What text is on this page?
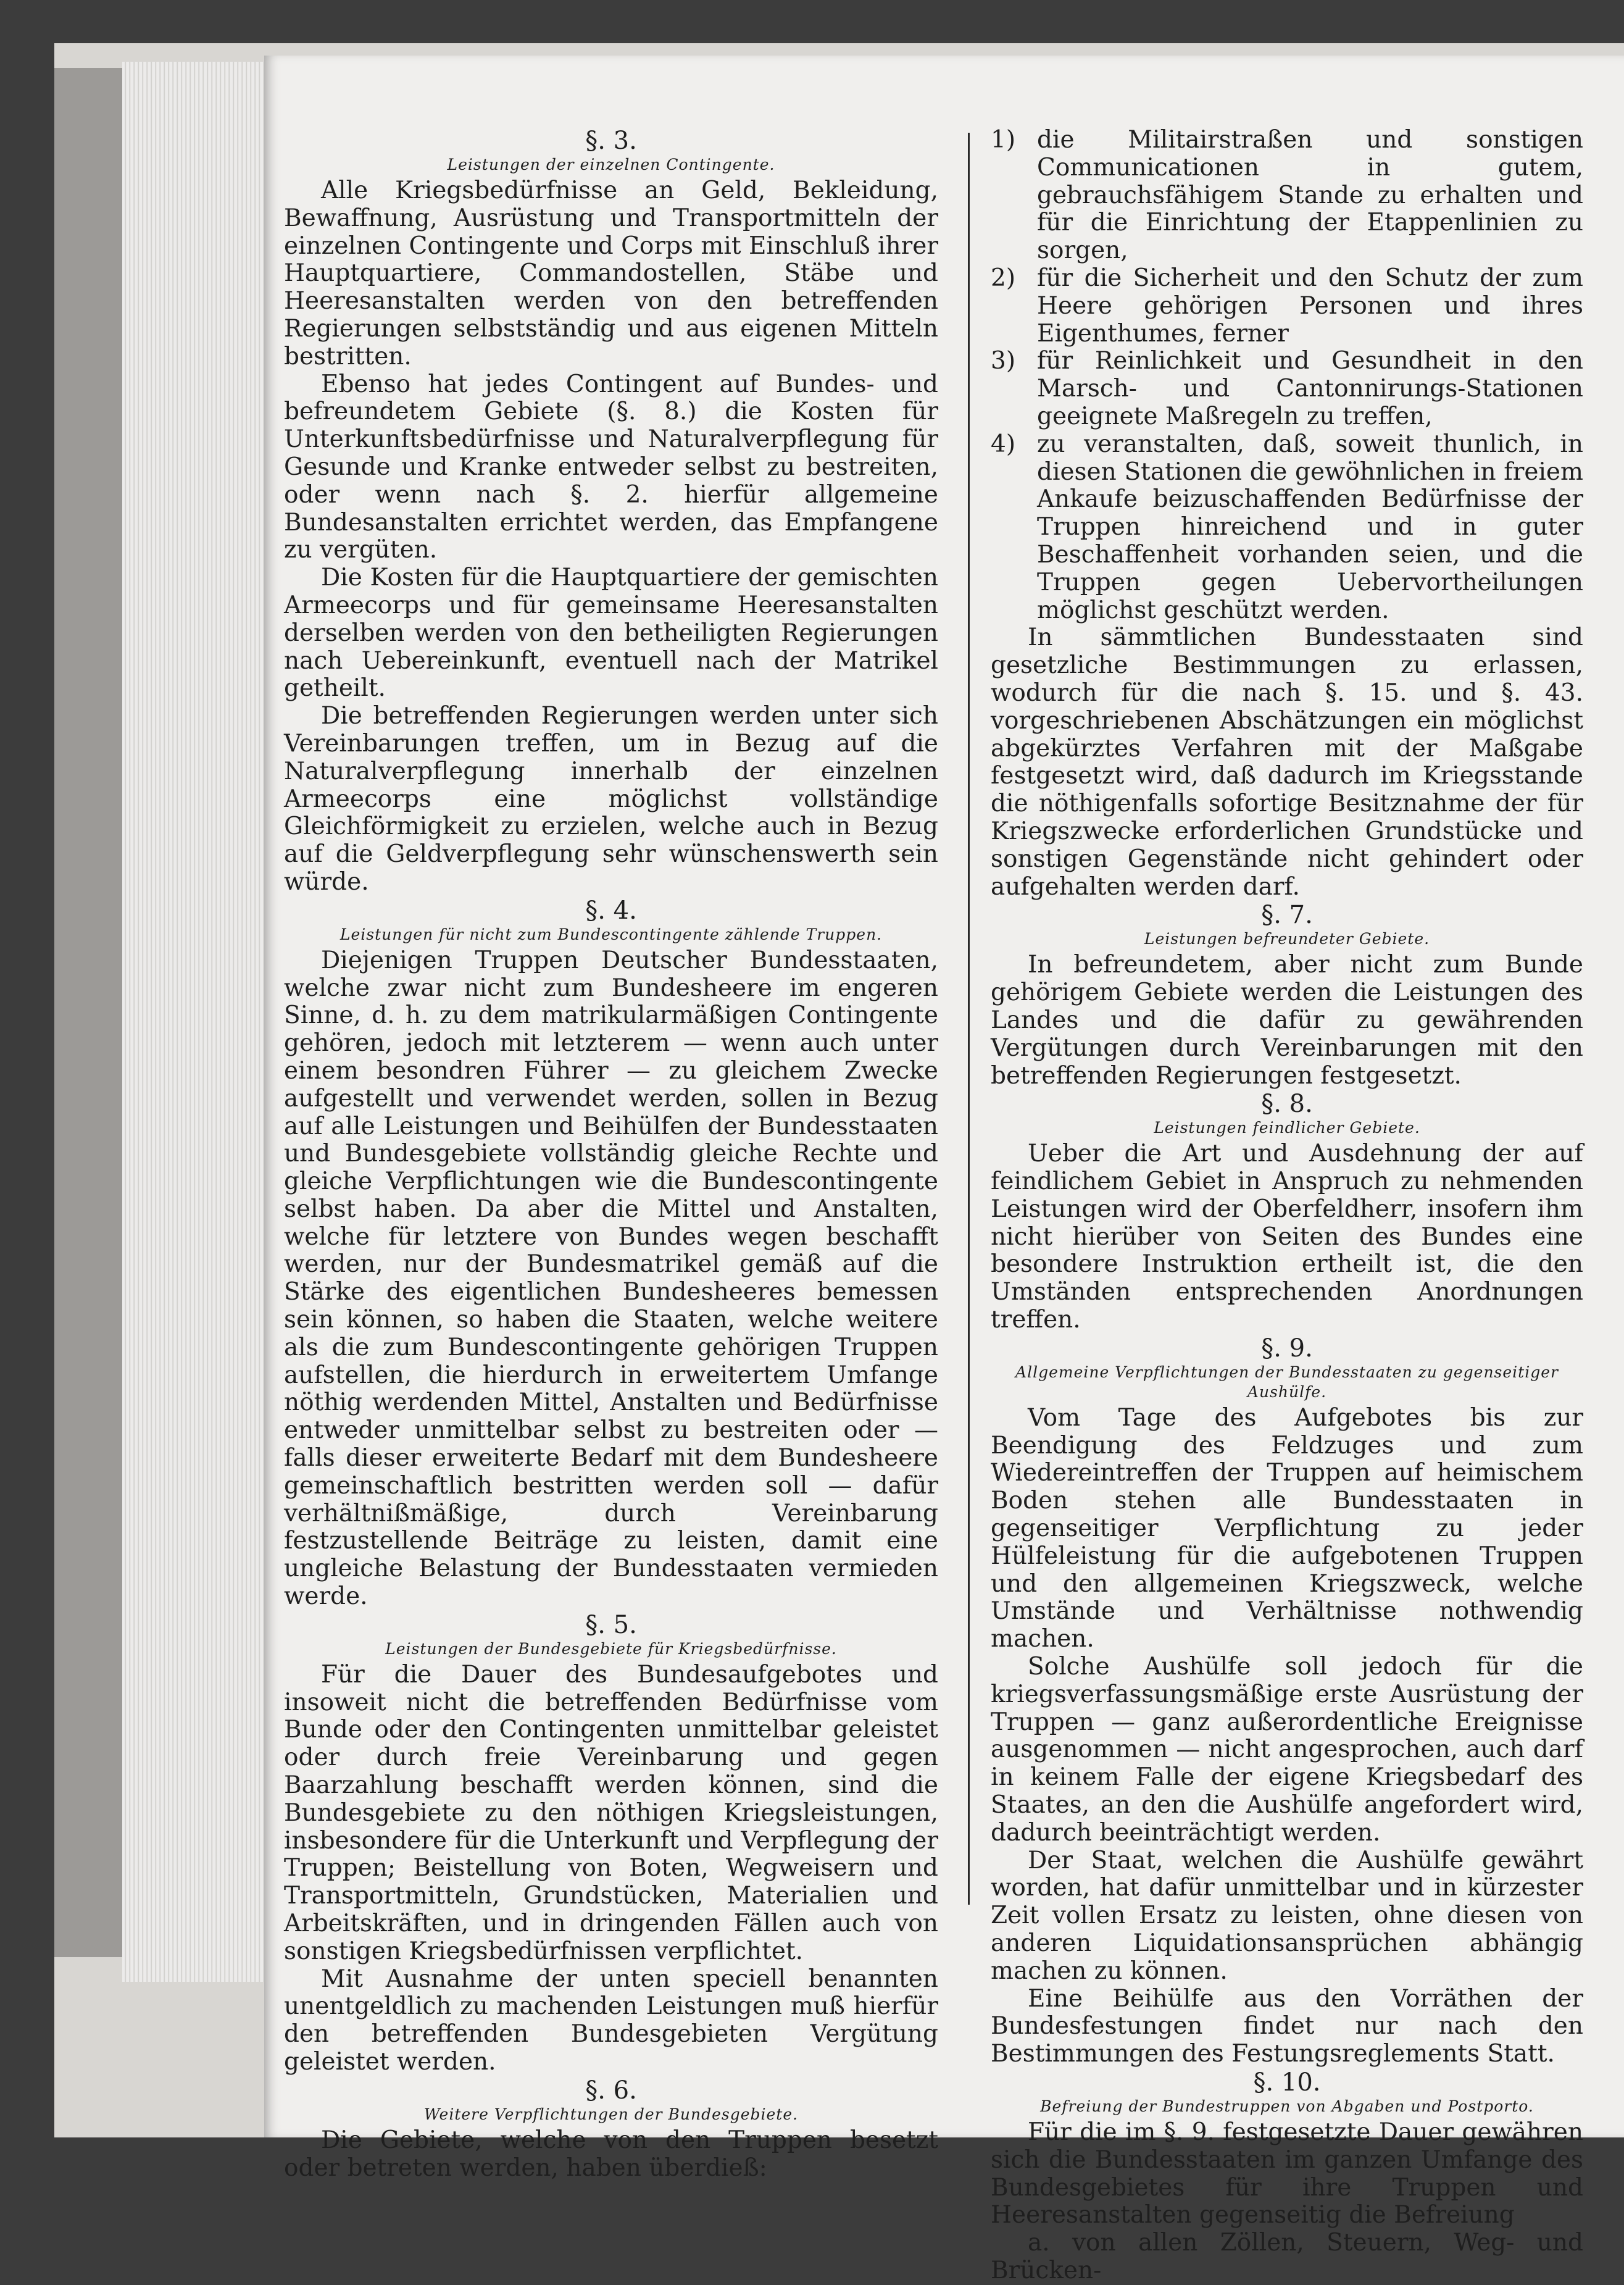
§. 3.
Leistungen der einzelnen Contingente.

Alle Kriegsbedürfnisse an Geld, Bekleidung, Bewaffnung, Ausrüstung und Transportmitteln der einzelnen Contingente und Corps mit Einschluß ihrer Hauptquartiere, Commandostellen, Stäbe und Heeresanstalten werden von den betreffenden Regierungen selbstständig und aus eigenen Mitteln bestritten.

Ebenso hat jedes Contingent auf Bundes- und befreundetem Gebiete (§. 8.) die Kosten für Unterkunftsbedürfnisse und Naturalverpflegung für Gesunde und Kranke entweder selbst zu bestreiten, oder wenn nach §. 2. hierfür allgemeine Bundesanstalten errichtet werden, das Empfangene zu vergüten.

Die Kosten für die Hauptquartiere der gemischten Armeecorps und für gemeinsame Heeresanstalten derselben werden von den betheiligten Regierungen nach Uebereinkunft, eventuell nach der Matrikel getheilt.

Die betreffenden Regierungen werden unter sich Vereinbarungen treffen, um in Bezug auf die Naturalverpflegung innerhalb der einzelnen Armeecorps eine möglichst vollständige Gleichförmigkeit zu erzielen, welche auch in Bezug auf die Geldverpflegung sehr wünschenswerth sein würde.

§. 4.
Leistungen für nicht zum Bundescontingente zählende Truppen.

Diejenigen Truppen Deutscher Bundesstaaten, welche zwar nicht zum Bundesheere im engeren Sinne, d. h. zu dem matrikularmäßigen Contingente gehören, jedoch mit letzterem — wenn auch unter einem besondren Führer — zu gleichem Zwecke aufgestellt und verwendet werden, sollen in Bezug auf alle Leistungen und Beihülfen der Bundesstaaten und Bundesgebiete vollständig gleiche Rechte und gleiche Verpflichtungen wie die Bundescontingente selbst haben. Da aber die Mittel und Anstalten, welche für letztere von Bundes wegen beschafft werden, nur der Bundesmatrikel gemäß auf die Stärke des eigentlichen Bundesheeres bemessen sein können, so haben die Staaten, welche weitere als die zum Bundescontingente gehörigen Truppen aufstellen, die hierdurch in erweitertem Umfange nöthig werdenden Mittel, Anstalten und Bedürfnisse entweder unmittelbar selbst zu bestreiten oder — falls dieser erweiterte Bedarf mit dem Bundesheere gemeinschaftlich bestritten werden soll — dafür verhältnißmäßige, durch Vereinbarung festzustellende Beiträge zu leisten, damit eine ungleiche Belastung der Bundesstaaten vermieden werde.

§. 5.
Leistungen der Bundesgebiete für Kriegsbedürfnisse.

Für die Dauer des Bundesaufgebotes und insoweit nicht die betreffenden Bedürfnisse vom Bunde oder den Contingenten unmittelbar geleistet oder durch freie Vereinbarung und gegen Baarzahlung beschafft werden können, sind die Bundesgebiete zu den nöthigen Kriegsleistungen, insbesondere für die Unterkunft und Verpflegung der Truppen; Beistellung von Boten, Wegweisern und Transportmitteln, Grundstücken, Materialien und Arbeitskräften, und in dringenden Fällen auch von sonstigen Kriegsbedürfnissen verpflichtet.

Mit Ausnahme der unten speciell benannten unentgeldlich zu machenden Leistungen muß hierfür den betreffenden Bundesgebieten Vergütung geleistet werden.

§. 6.
Weitere Verpflichtungen der Bundesgebiete.

Die Gebiete, welche von den Truppen besetzt oder betreten werden, haben überdieß:

1) die Militairstraßen und sonstigen Communicationen in gutem, gebrauchsfähigem Stande zu erhalten und für die Einrichtung der Etappenlinien zu sorgen,
2) für die Sicherheit und den Schutz der zum Heere gehörigen Personen und ihres Eigenthumes, ferner
3) für Reinlichkeit und Gesundheit in den Marsch- und Cantonnirungs-Stationen geeignete Maßregeln zu treffen,
4) zu veranstalten, daß, soweit thunlich, in diesen Stationen die gewöhnlichen in freiem Ankaufe beizuschaffenden Bedürfnisse der Truppen hinreichend und in guter Beschaffenheit vorhanden seien, und die Truppen gegen Uebervortheilungen möglichst geschützt werden.

In sämmtlichen Bundesstaaten sind gesetzliche Bestimmungen zu erlassen, wodurch für die nach §. 15. und §. 43. vorgeschriebenen Abschätzungen ein möglichst abgekürztes Verfahren mit der Maßgabe festgesetzt wird, daß dadurch im Kriegsstande die nöthigenfalls sofortige Besitznahme der für Kriegszwecke erforderlichen Grundstücke und sonstigen Gegenstände nicht gehindert oder aufgehalten werden darf.

§. 7.
Leistungen befreundeter Gebiete.

In befreundetem, aber nicht zum Bunde gehörigem Gebiete werden die Leistungen des Landes und die dafür zu gewährenden Vergütungen durch Vereinbarungen mit den betreffenden Regierungen festgesetzt.

§. 8.
Leistungen feindlicher Gebiete.

Ueber die Art und Ausdehnung der auf feindlichem Gebiet in Anspruch zu nehmenden Leistungen wird der Oberfeldherr, insofern ihm nicht hierüber von Seiten des Bundes eine besondere Instruktion ertheilt ist, die den Umständen entsprechenden Anordnungen treffen.

§. 9.
Allgemeine Verpflichtungen der Bundesstaaten zu gegenseitiger Aushülfe.

Vom Tage des Aufgebotes bis zur Beendigung des Feldzuges und zum Wiedereintreffen der Truppen auf heimischem Boden stehen alle Bundesstaaten in gegenseitiger Verpflichtung zu jeder Hülfeleistung für die aufgebotenen Truppen und den allgemeinen Kriegszweck, welche Umstände und Verhältnisse nothwendig machen.

Solche Aushülfe soll jedoch für die kriegsverfassungsmäßige erste Ausrüstung der Truppen — ganz außerordentliche Ereignisse ausgenommen — nicht angesprochen, auch darf in keinem Falle der eigene Kriegsbedarf des Staates, an den die Aushülfe angefordert wird, dadurch beeinträchtigt werden.

Der Staat, welchen die Aushülfe gewährt worden, hat dafür unmittelbar und in kürzester Zeit vollen Ersatz zu leisten, ohne diesen von anderen Liquidationsansprüchen abhängig machen zu können.

Eine Beihülfe aus den Vorräthen der Bundesfestungen findet nur nach den Bestimmungen des Festungsreglements Statt.

§. 10.
Befreiung der Bundestruppen von Abgaben und Postporto.

Für die im §. 9. festgesetzte Dauer gewähren sich die Bundesstaaten im ganzen Umfange des Bundesgebietes für ihre Truppen und Heeresanstalten gegenseitig die Befreiung

a. von allen Zöllen, Steuern, Weg- und Brücken-
